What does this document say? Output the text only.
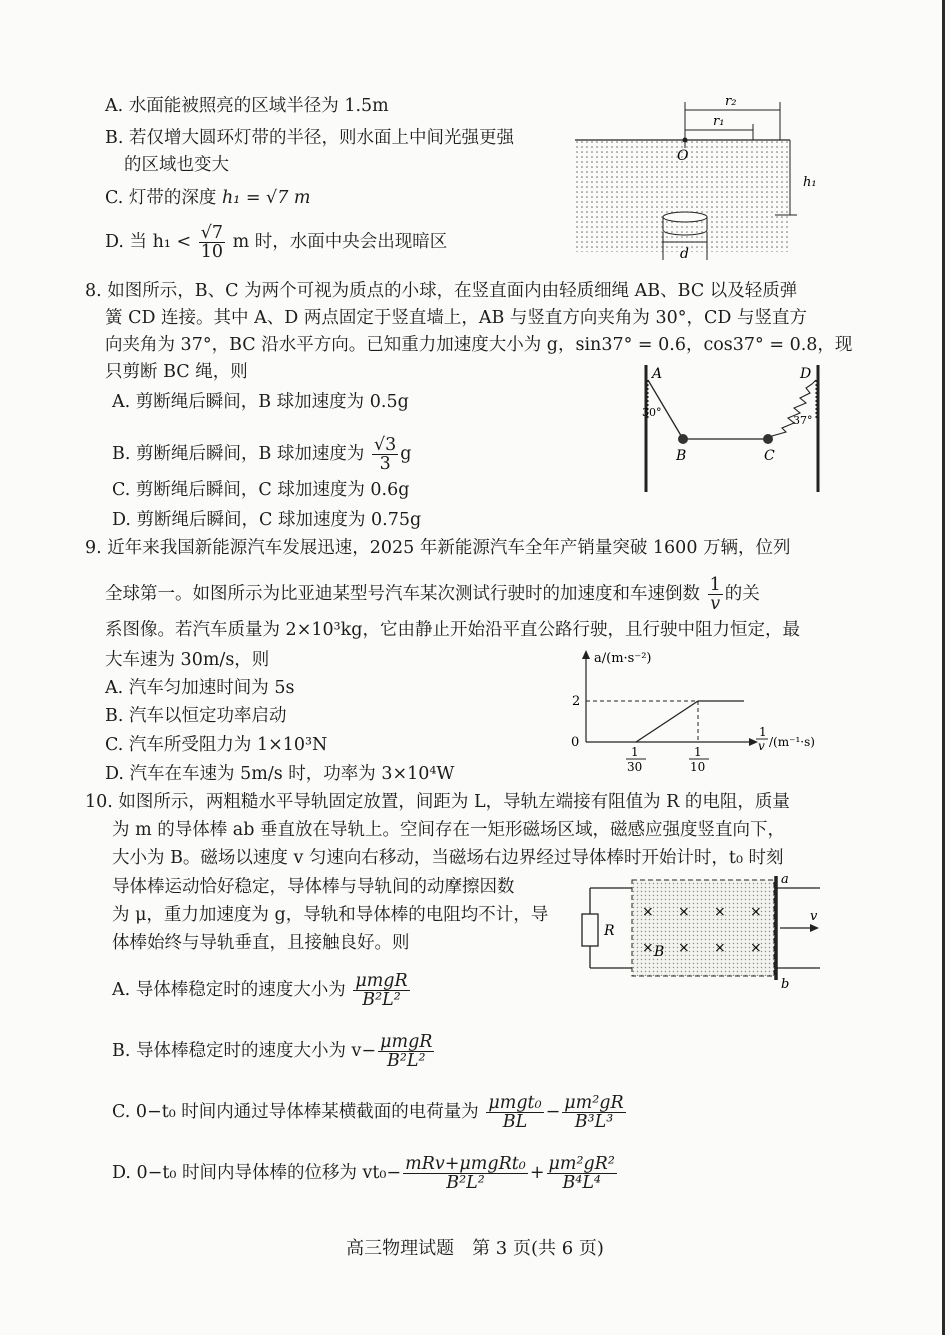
A. 水面能被照亮的区域半径为 1.5m
B. 若仅增大圆环灯带的半径，则水面上中间光强更强
的区域也变大
C. 灯带的深度 h₁ = √7 m
D. 当 $h_1 < \frac{√7}{10}$ m 时，水面中央会出现暗区
r₂
r₁
O
h₁
d
8. 如图所示，B、C 为两个可视为质点的小球，在竖直面内由轻质细绳 AB、BC 以及轻质弹
簧 CD 连接。其中 A、D 两点固定于竖直墙上，AB 与竖直方向夹角为 30°，CD 与竖直方
向夹角为 37°，BC 沿水平方向。已知重力加速度大小为 g，sin37° = 0.6，cos37° = 0.8，现
只剪断 BC 绳，则
A. 剪断绳后瞬间，B 球加速度为 0.5g
B. 剪断绳后瞬间，B 球加速度为 $\frac{√3}{3}$ g
C. 剪断绳后瞬间，C 球加速度为 0.6g
D. 剪断绳后瞬间，C 球加速度为 0.75g
A	D
30°
37°
B	C
9. 近年来我国新能源汽车发展迅速，2025 年新能源汽车全年产销量突破 1600 万辆，位列
全球第一。如图所示为比亚迪某型号汽车某次测试行驶时的加速度和车速倒数 $\frac{1}{v}$ 的关
系图像。若汽车质量为 2×10³kg，它由静止开始沿平直公路行驶，且行驶中阻力恒定，最
大车速为 30m/s，则
A. 汽车匀加速时间为 5s
B. 汽车以恒定功率启动
C. 汽车所受阻力为 1×10³N
D. 汽车在车速为 5m/s 时，功率为 3×10⁴W
a/(m·s⁻²)
2
0
1
30
1
10
1
v /(m⁻¹·s)
10. 如图所示，两粗糙水平导轨固定放置，间距为 L，导轨左端接有阻值为 R 的电阻，质量
为 m 的导体棒 ab 垂直放在导轨上。空间存在一矩形磁场区域，磁感应强度竖直向下，
大小为 B。磁场以速度 v 匀速向右移动，当磁场右边界经过导体棒时开始计时，t₀ 时刻
导体棒运动恰好稳定，导体棒与导轨间的动摩擦因数
为 μ，重力加速度为 g，导轨和导体棒的电阻均不计，导
体棒始终与导轨垂直，且接触良好。则
A. 导体棒稳定时的速度大小为 $\frac{\text{μmgR}}{\text{B²L²}}$
B. 导体棒稳定时的速度大小为 $v- \frac{\text{μmgR}}{\text{B²L²}}$
C. 0−t₀ 时间内通过导体棒某横截面的电荷量为 $\frac{\text{μmgt₀}}{BL} - \frac{\text{μm²gR}}{\text{B³L³}}$
D. 0−t₀ 时间内导体棒的位移为 $vt_0- \frac{\text{mRv+μmgRt₀}}{\text{B²L²}} + \frac{\text{μm²gR²}}{\text{B⁴L⁴}}$
R
× × × ×
× × × ×
B
a
b
v
高三物理试题　第 3 页(共 6 页)
